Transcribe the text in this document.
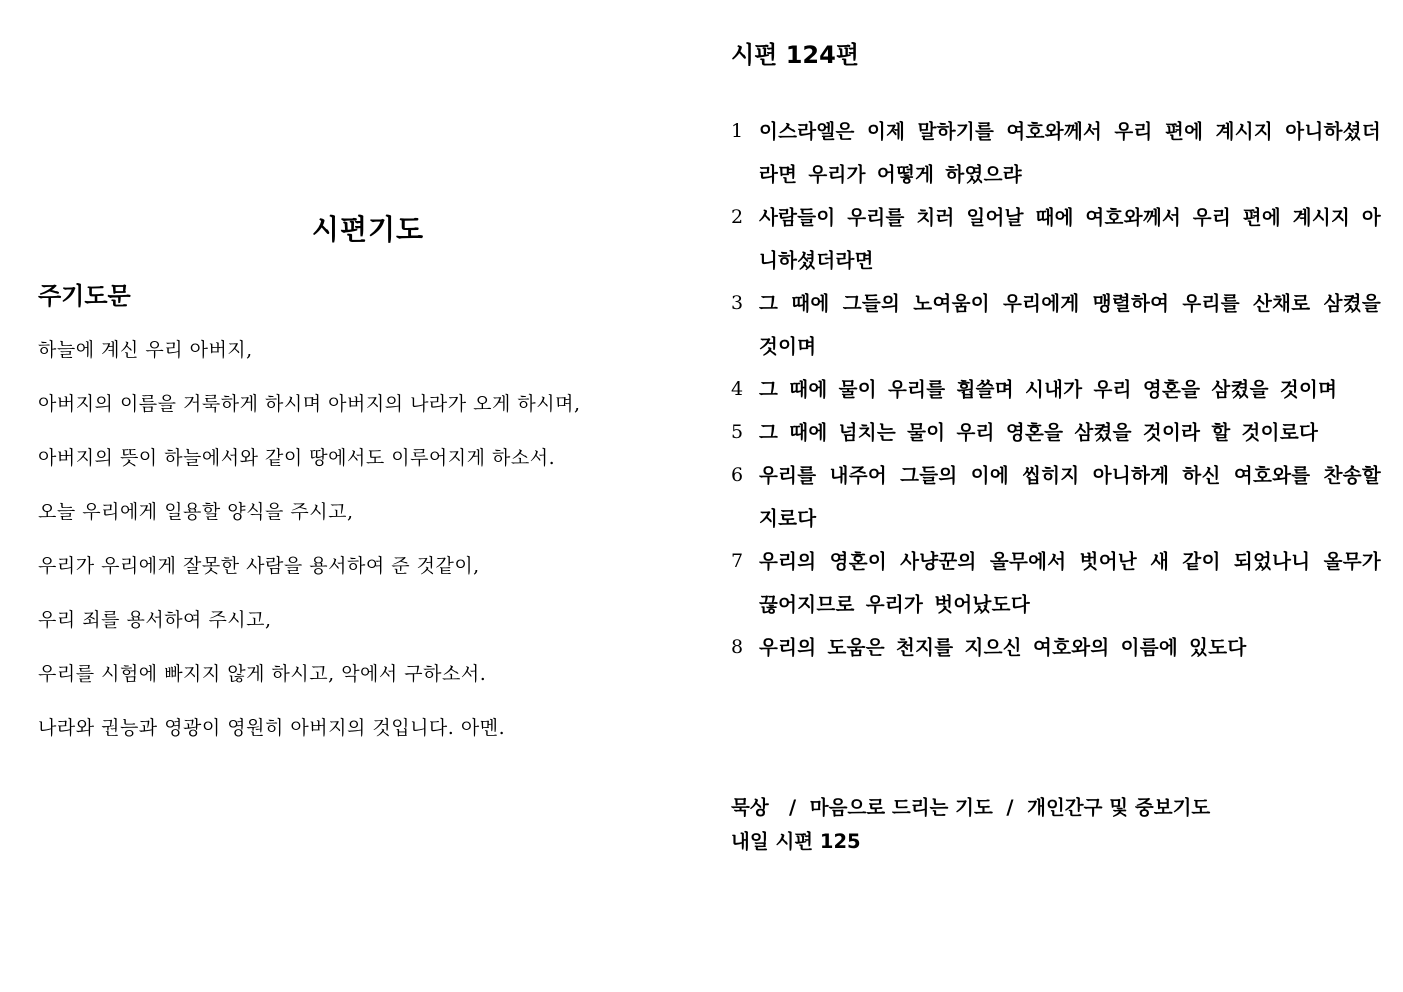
시편기도
주기도문
하늘에 계신 우리 아버지,
아버지의 이름을 거룩하게 하시며 아버지의 나라가 오게 하시며,
아버지의 뜻이 하늘에서와 같이 땅에서도 이루어지게 하소서.
오늘 우리에게 일용할 양식을 주시고,
우리가 우리에게 잘못한 사람을 용서하여 준 것같이,
우리 죄를 용서하여 주시고,
우리를 시험에 빠지지 않게 하시고, 악에서 구하소서.
나라와 권능과 영광이 영원히 아버지의 것입니다. 아멘.
시편 124편
1 이스라엘은 이제 말하기를 여호와께서 우리 편에 계시지 아니하셨더라면 우리가 어떻게 하였으랴
2 사람들이 우리를 치러 일어날 때에 여호와께서 우리 편에 계시지 아니하셨더라면
3 그 때에 그들의 노여움이 우리에게 맹렬하여 우리를 산채로 삼켰을 것이며
4 그 때에 물이 우리를 휩쓸며 시내가 우리 영혼을 삼켰을 것이며
5 그 때에 넘치는 물이 우리 영혼을 삼켰을 것이라 할 것이로다
6 우리를 내주어 그들의 이에 씹히지 아니하게 하신 여호와를 찬송할지로다
7 우리의 영혼이 사냥꾼의 올무에서 벗어난 새 같이 되었나니 올무가 끊어지므로 우리가 벗어났도다
8 우리의 도움은 천지를 지으신 여호와의 이름에 있도다
묵상   /  마음으로 드리는 기도  /  개인간구 및 중보기도
내일 시편 125
